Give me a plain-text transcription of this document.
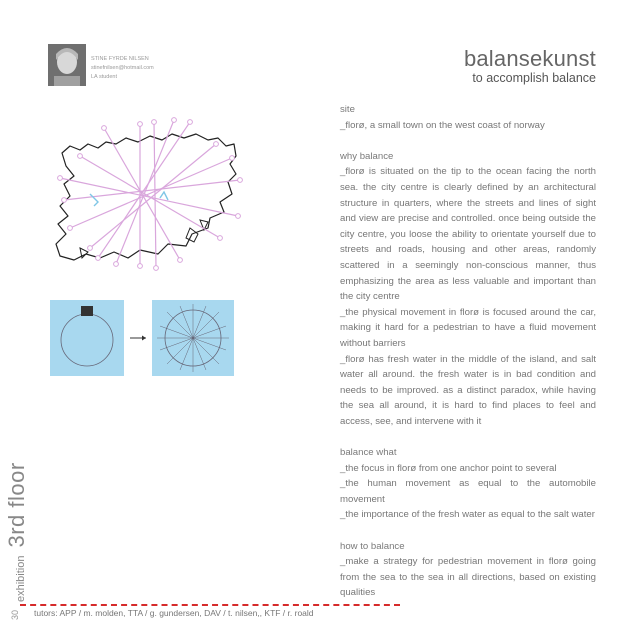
STINE FYRDE NILSEN
stinefnilsen@hotmail.com
LA student
balansekunst
to accomplish balance

site

_florø, a small town on the west coast of norway

why balance

_florø is situated on the tip to the ocean facing the north sea. the city centre is clearly defined by an architectural structure in quarters, where the streets and lines of sight and view are precise and controlled. once being outside the city centre, you loose the ability to orientate yourself due to streets and roads, housing and other areas, randomly scattered in a seemingly non-conscious manner, thus emphasizing the area as less valuable and important than the city centre

_the physical movement in florø is focused around the car, making it hard for a pedestrian to have a fluid movement without barriers

_florø has fresh water in the middle of the island, and salt water all around. the fresh water is in bad condition and needs to be improved. as a distinct paradox, while having the sea all around, it is hard to find places to feel and access, see, and intervene with it

balance what

_the focus in florø from one anchor point to several

_the human movement as equal to the automobile movement

_the importance of the fresh water as equal to the salt water

how to balance

_make a strategy for pedestrian movement in florø going from the sea to the sea in all directions, based on existing qualities

exhibition3rd floor
30 tutors: APP / m. molden, TTA / g. gundersen, DAV / t. nilsen,, KTF / r. roald
